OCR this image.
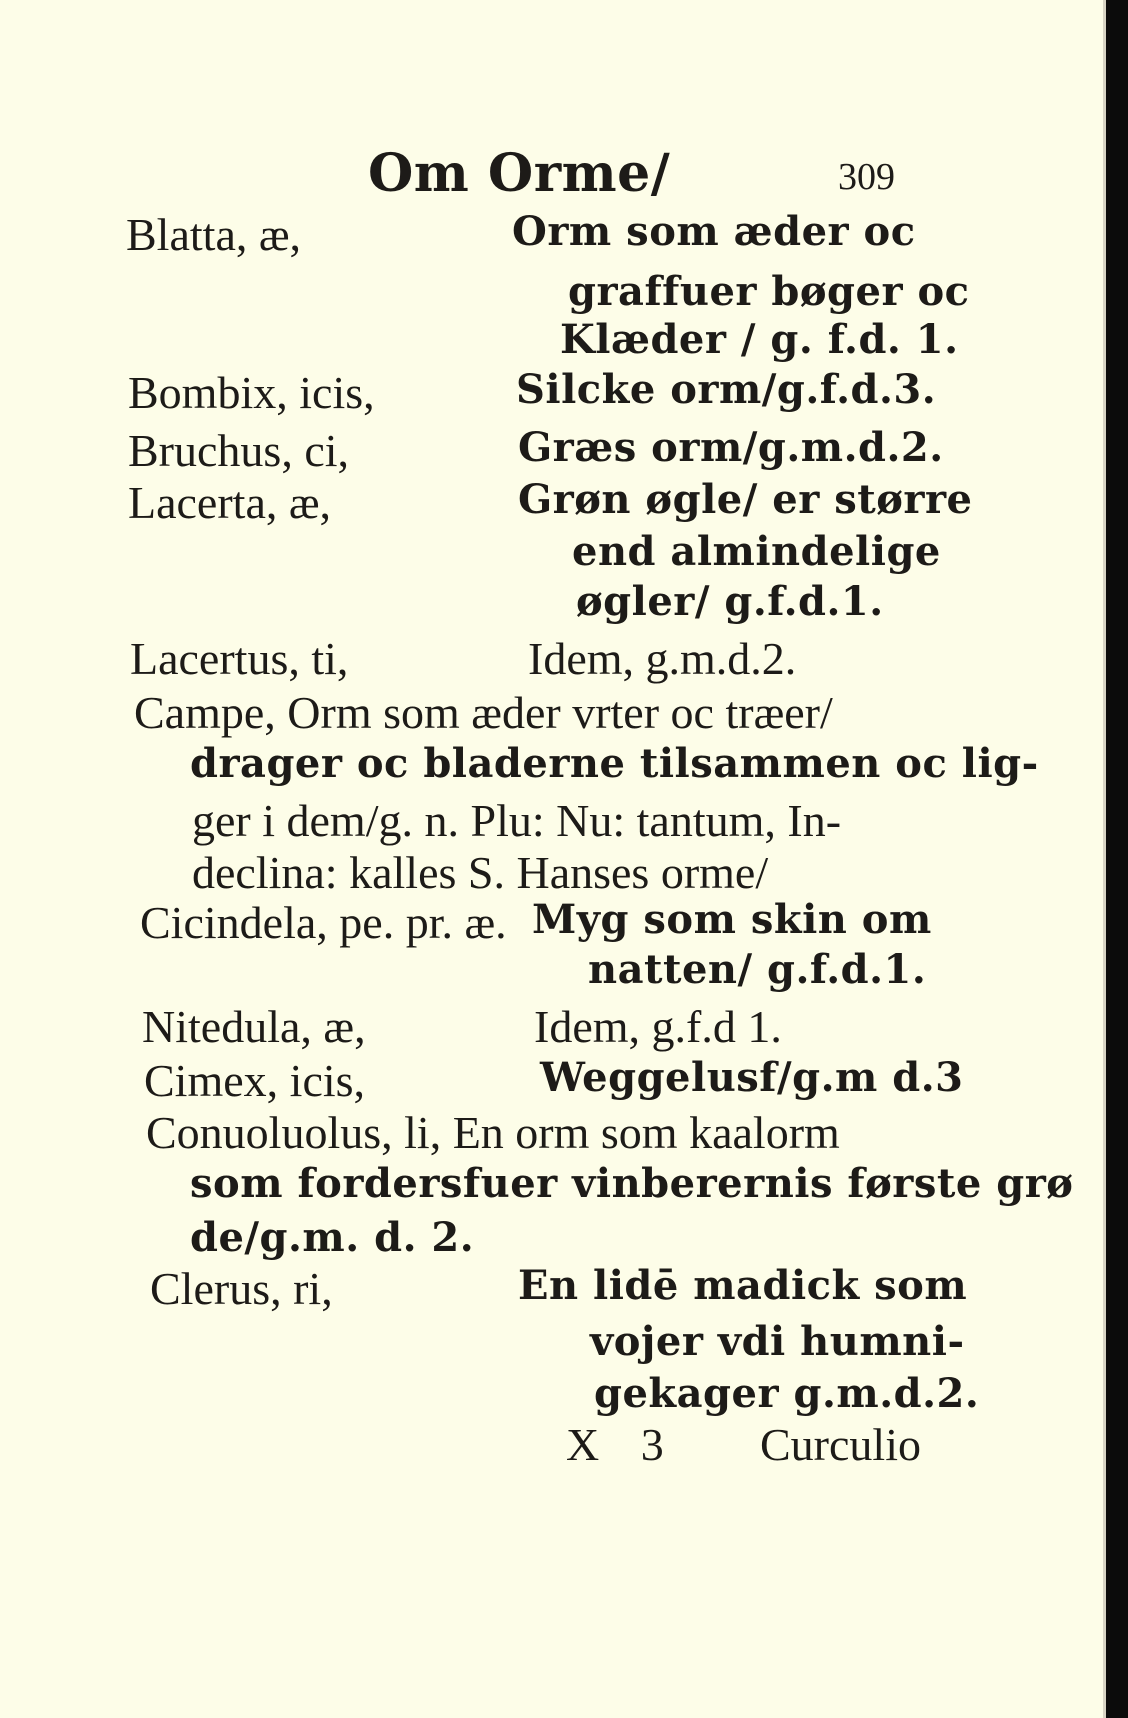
Om Orme/	309
Blatta, æ,	Orm som æder oc
graffuer bøger oc
Klæder / g. f.d. 1.
Bombix, icis,	Silcke orm/g.f.d.3.
Bruchus, ci,	Græs orm/g.m.d.2.
Lacerta, æ,	Grøn øgle/ er større
end almindelige
øgler/ g.f.d.1.
Lacertus, ti,	Idem, g.m.d.2.
Campe, Orm som æder vrter oc træer/
drager oc bladerne tilsammen oc lig-
ger i dem/g. n. Plu: Nu: tantum, In-
declina: kalles S. Hanses orme/
Cicindela, pe. pr. æ. Myg som skin om
natten/ g.f.d.1.
Nitedula, æ,	Idem, g.f.d 1.
Cimex, icis,	Weggelusf/g.m d.3
Conuoluolus, li, En orm som kaalorm
som fordersfuer vinberernis første grø
de/g.m. d. 2.
Clerus, ri,	En lidē madick som
vojer vdi humni-
gekager g.m.d.2.
X 3 Curculio
